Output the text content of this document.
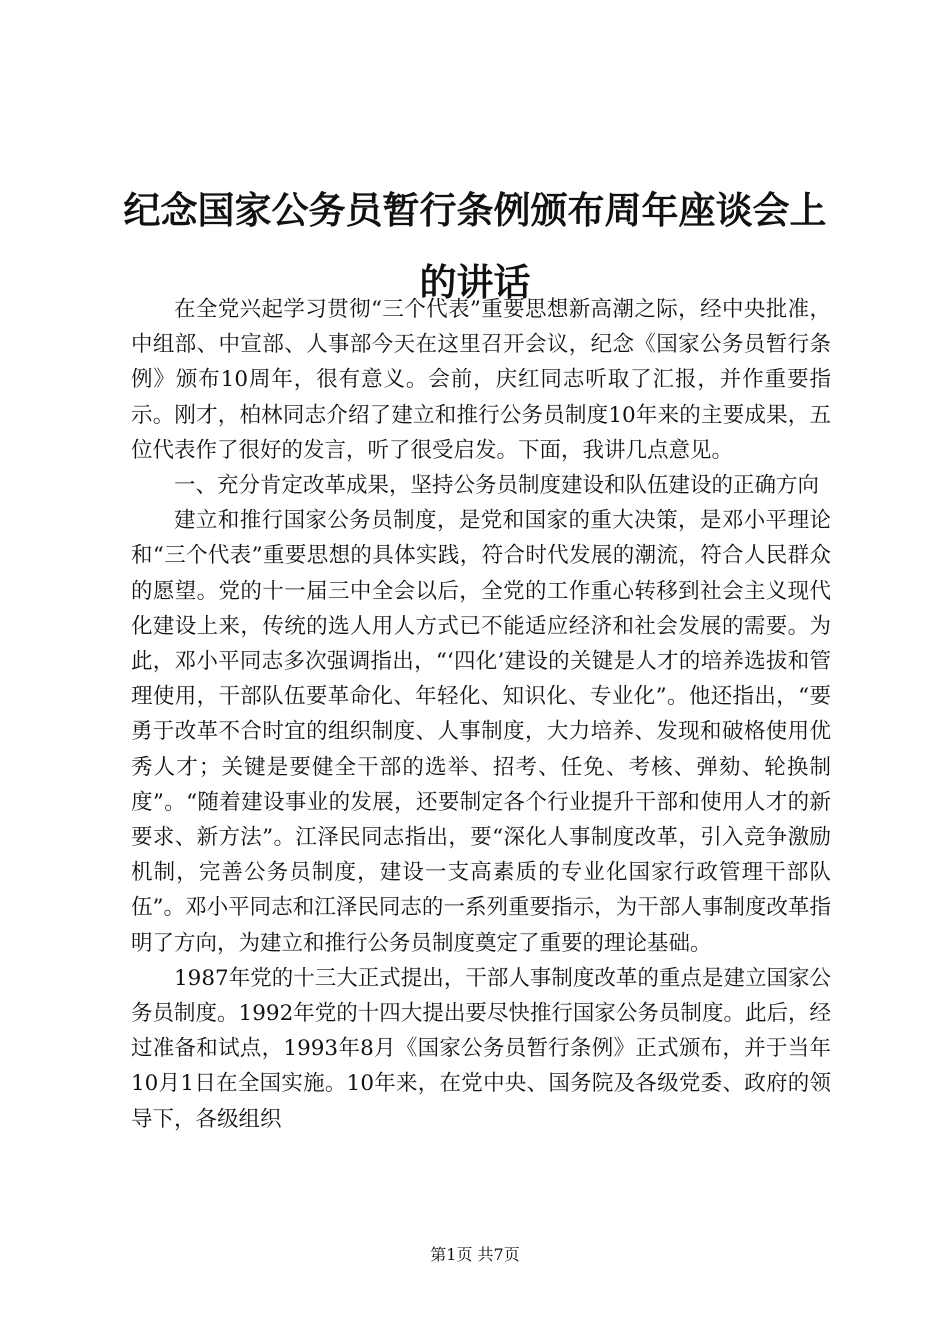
纪念国家公务员暂行条例颁布周年座谈会上的讲话

在全党兴起学习贯彻“三个代表”重要思想新高潮之际，经中央批准，中组部、中宣部、人事部今天在这里召开会议，纪念《国家公务员暂行条例》颁布10周年，很有意义。会前，庆红同志听取了汇报，并作重要指示。刚才，柏林同志介绍了建立和推行公务员制度10年来的主要成果，五位代表作了很好的发言，听了很受启发。下面，我讲几点意见。

一、充分肯定改革成果，坚持公务员制度建设和队伍建设的正确方向

建立和推行国家公务员制度，是党和国家的重大决策，是邓小平理论和“三个代表”重要思想的具体实践，符合时代发展的潮流，符合人民群众的愿望。党的十一届三中全会以后，全党的工作重心转移到社会主义现代化建设上来，传统的选人用人方式已不能适应经济和社会发展的需要。为此，邓小平同志多次强调指出，“‘四化’建设的关键是人才的培养选拔和管理使用，干部队伍要革命化、年轻化、知识化、专业化”。他还指出，“要勇于改革不合时宜的组织制度、人事制度，大力培养、发现和破格使用优秀人才；关键是要健全干部的选举、招考、任免、考核、弹劾、轮换制度”。“随着建设事业的发展，还要制定各个行业提升干部和使用人才的新要求、新方法”。江泽民同志指出，要“深化人事制度改革，引入竞争激励机制，完善公务员制度，建设一支高素质的专业化国家行政管理干部队伍”。邓小平同志和江泽民同志的一系列重要指示，为干部人事制度改革指明了方向，为建立和推行公务员制度奠定了重要的理论基础。

1987年党的十三大正式提出，干部人事制度改革的重点是建立国家公务员制度。1992年党的十四大提出要尽快推行国家公务员制度。此后，经过准备和试点，1993年8月《国家公务员暂行条例》正式颁布，并于当年10月1日在全国实施。10年来，在党中央、国务院及各级党委、政府的领导下，各级组织

第1页 共7页
